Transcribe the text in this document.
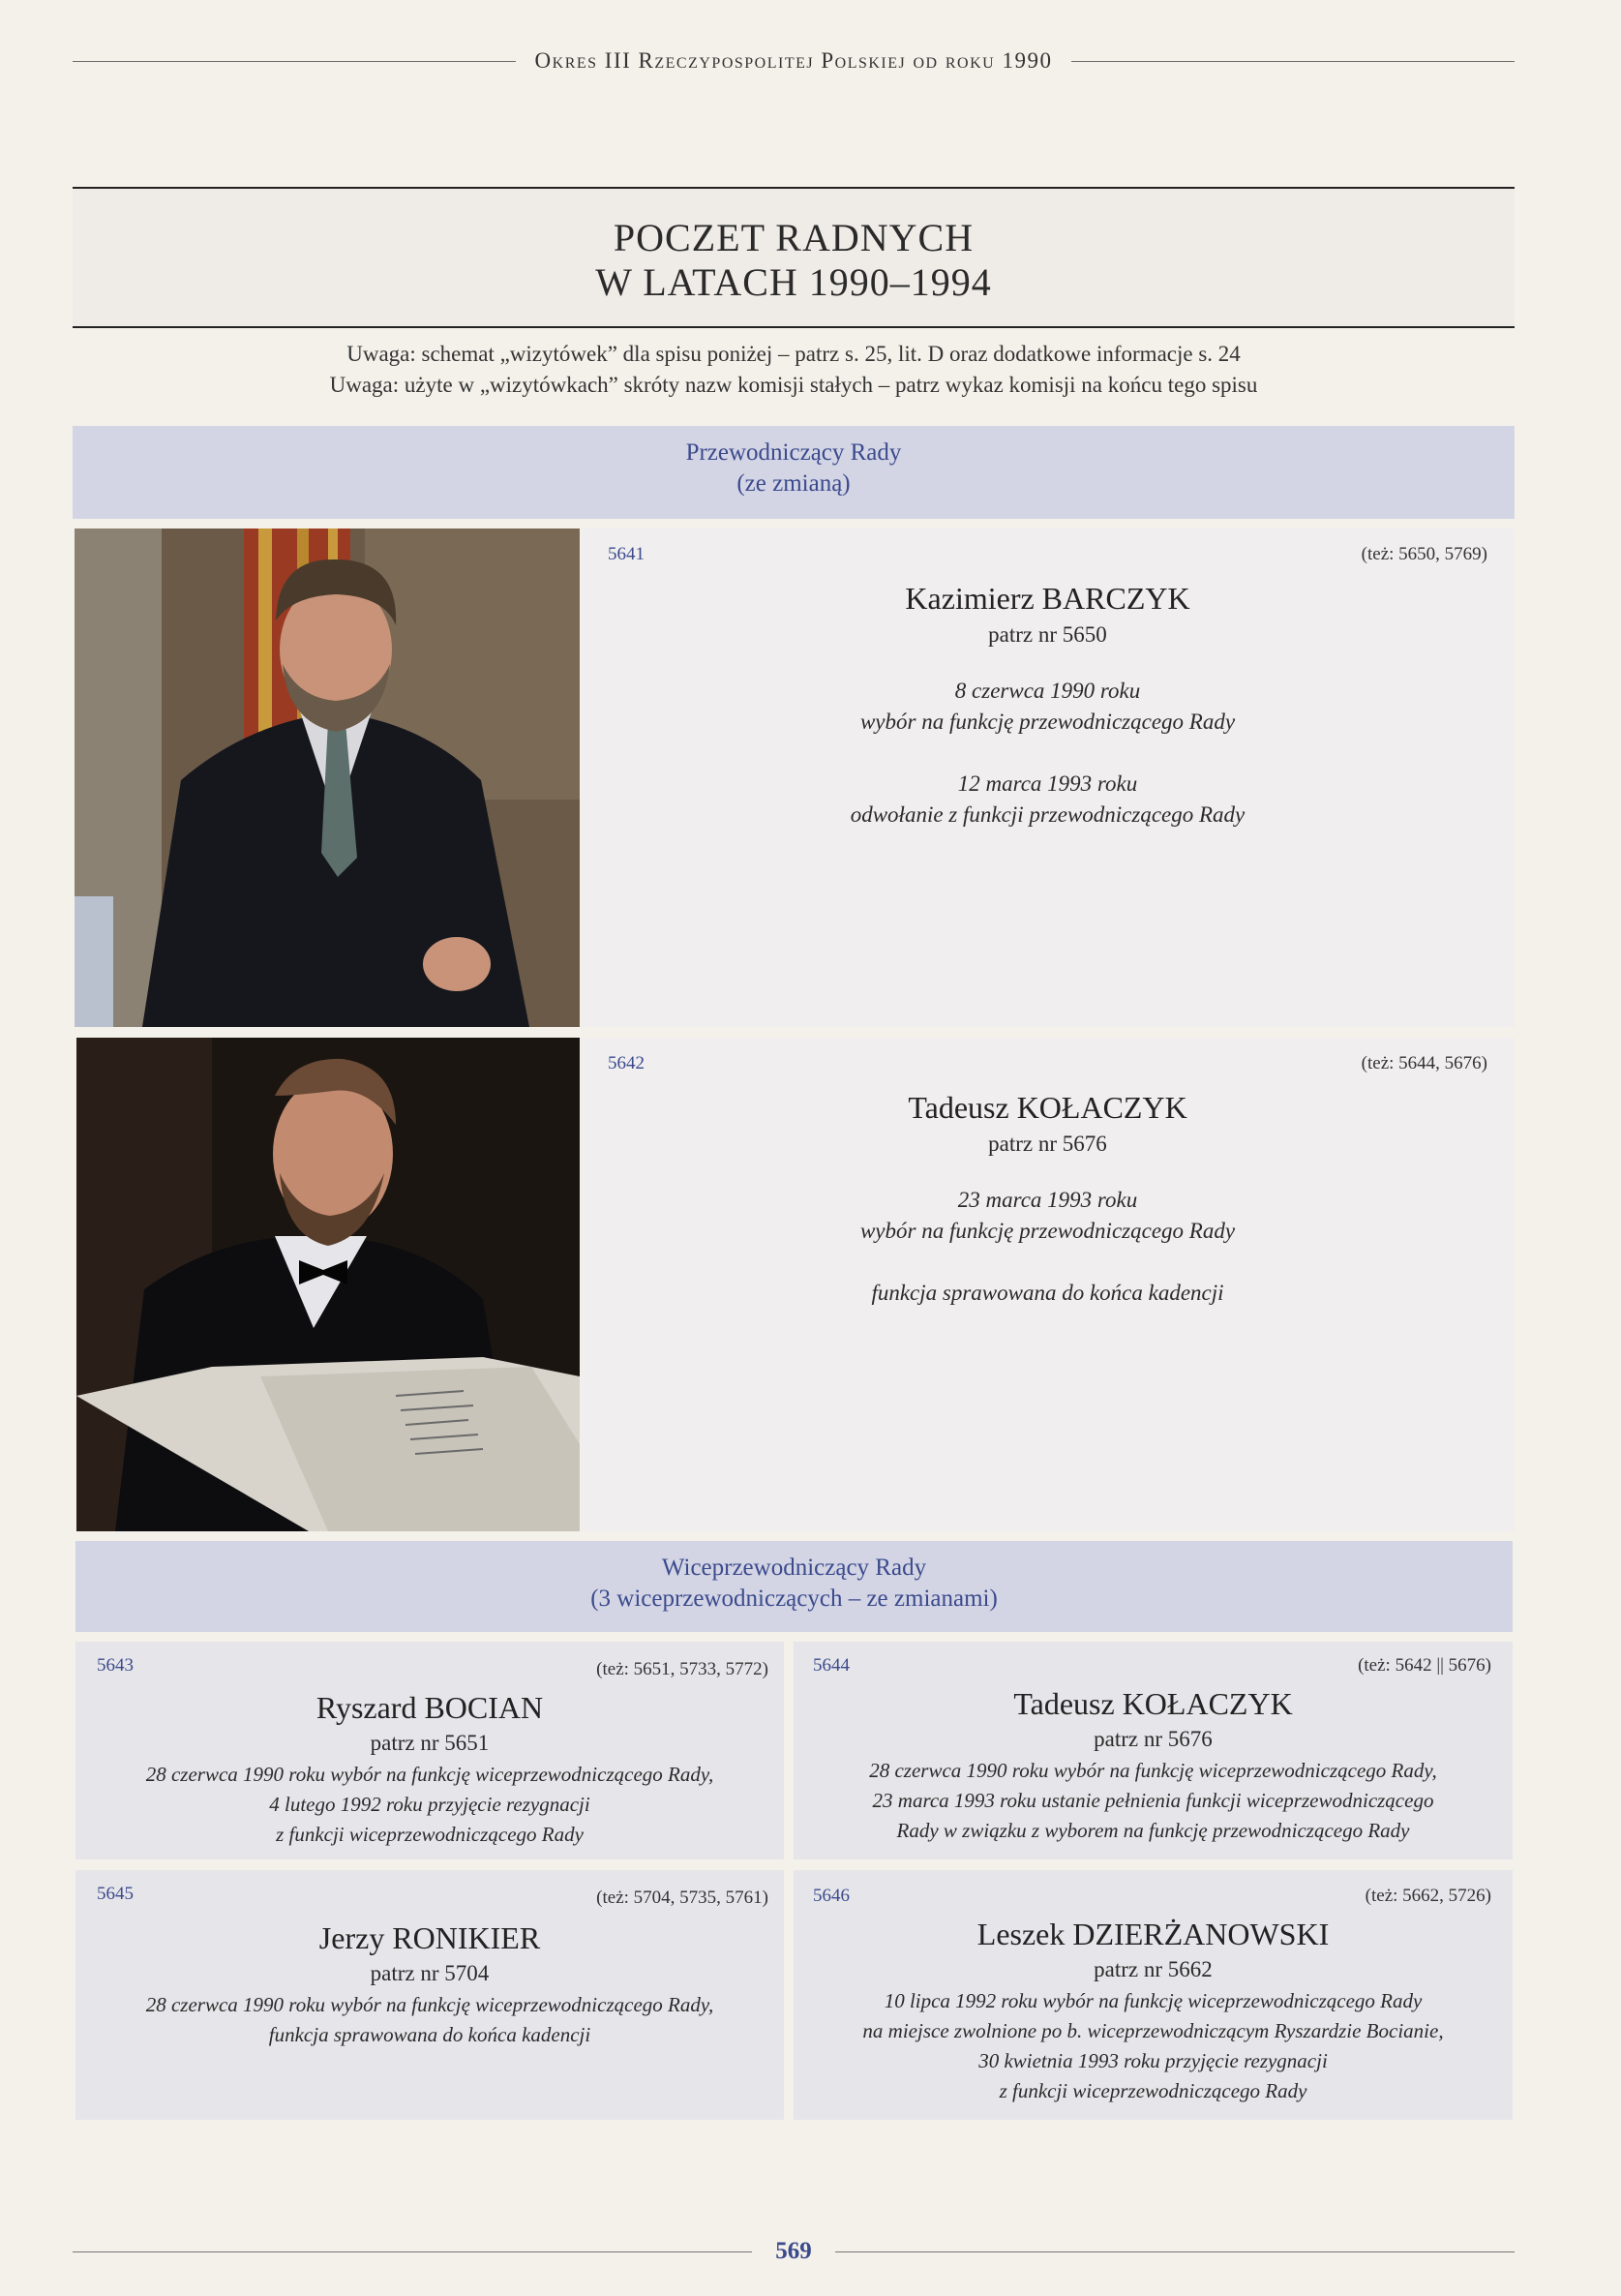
Okres III Rzeczypospolitej Polskiej od roku 1990
POCZET RADNYCH
W LATACH 1990–1994
Uwaga: schemat „wizytówek” dla spisu poniżej – patrz s. 25, lit. D oraz dodatkowe informacje s. 24
Uwaga: użyte w „wizytówkach” skróty nazw komisji stałych – patrz wykaz komisji na końcu tego spisu
Przewodniczący Rady
(ze zmianą)
5641	(też: 5650, 5769)
Kazimierz BARCZYK
patrz nr 5650
8 czerwca 1990 roku
wybór na funkcję przewodniczącego Rady
12 marca 1993 roku
odwołanie z funkcji przewodniczącego Rady
5642	(też: 5644, 5676)
Tadeusz KOŁACZYK
patrz nr 5676
23 marca 1993 roku
wybór na funkcję przewodniczącego Rady
funkcja sprawowana do końca kadencji
Wiceprzewodniczący Rady
(3 wiceprzewodniczących – ze zmianami)
5643	(też: 5651, 5733, 5772)
Ryszard BOCIAN
patrz nr 5651
28 czerwca 1990 roku wybór na funkcję wiceprzewodniczącego Rady,
4 lutego 1992 roku przyjęcie rezygnacji
z funkcji wiceprzewodniczącego Rady
5644	(też: 5642 || 5676)
Tadeusz KOŁACZYK
patrz nr 5676
28 czerwca 1990 roku wybór na funkcję wiceprzewodniczącego Rady,
23 marca 1993 roku ustanie pełnienia funkcji wiceprzewodniczącego
Rady w związku z wyborem na funkcję przewodniczącego Rady
5645	(też: 5704, 5735, 5761)
Jerzy RONIKIER
patrz nr 5704
28 czerwca 1990 roku wybór na funkcję wiceprzewodniczącego Rady,
funkcja sprawowana do końca kadencji
5646	(też: 5662, 5726)
Leszek DZIERŻANOWSKI
patrz nr 5662
10 lipca 1992 roku wybór na funkcję wiceprzewodniczącego Rady
na miejsce zwolnione po b. wiceprzewodniczącym Ryszardzie Bocianie,
30 kwietnia 1993 roku przyjęcie rezygnacji
z funkcji wiceprzewodniczącego Rady
569
